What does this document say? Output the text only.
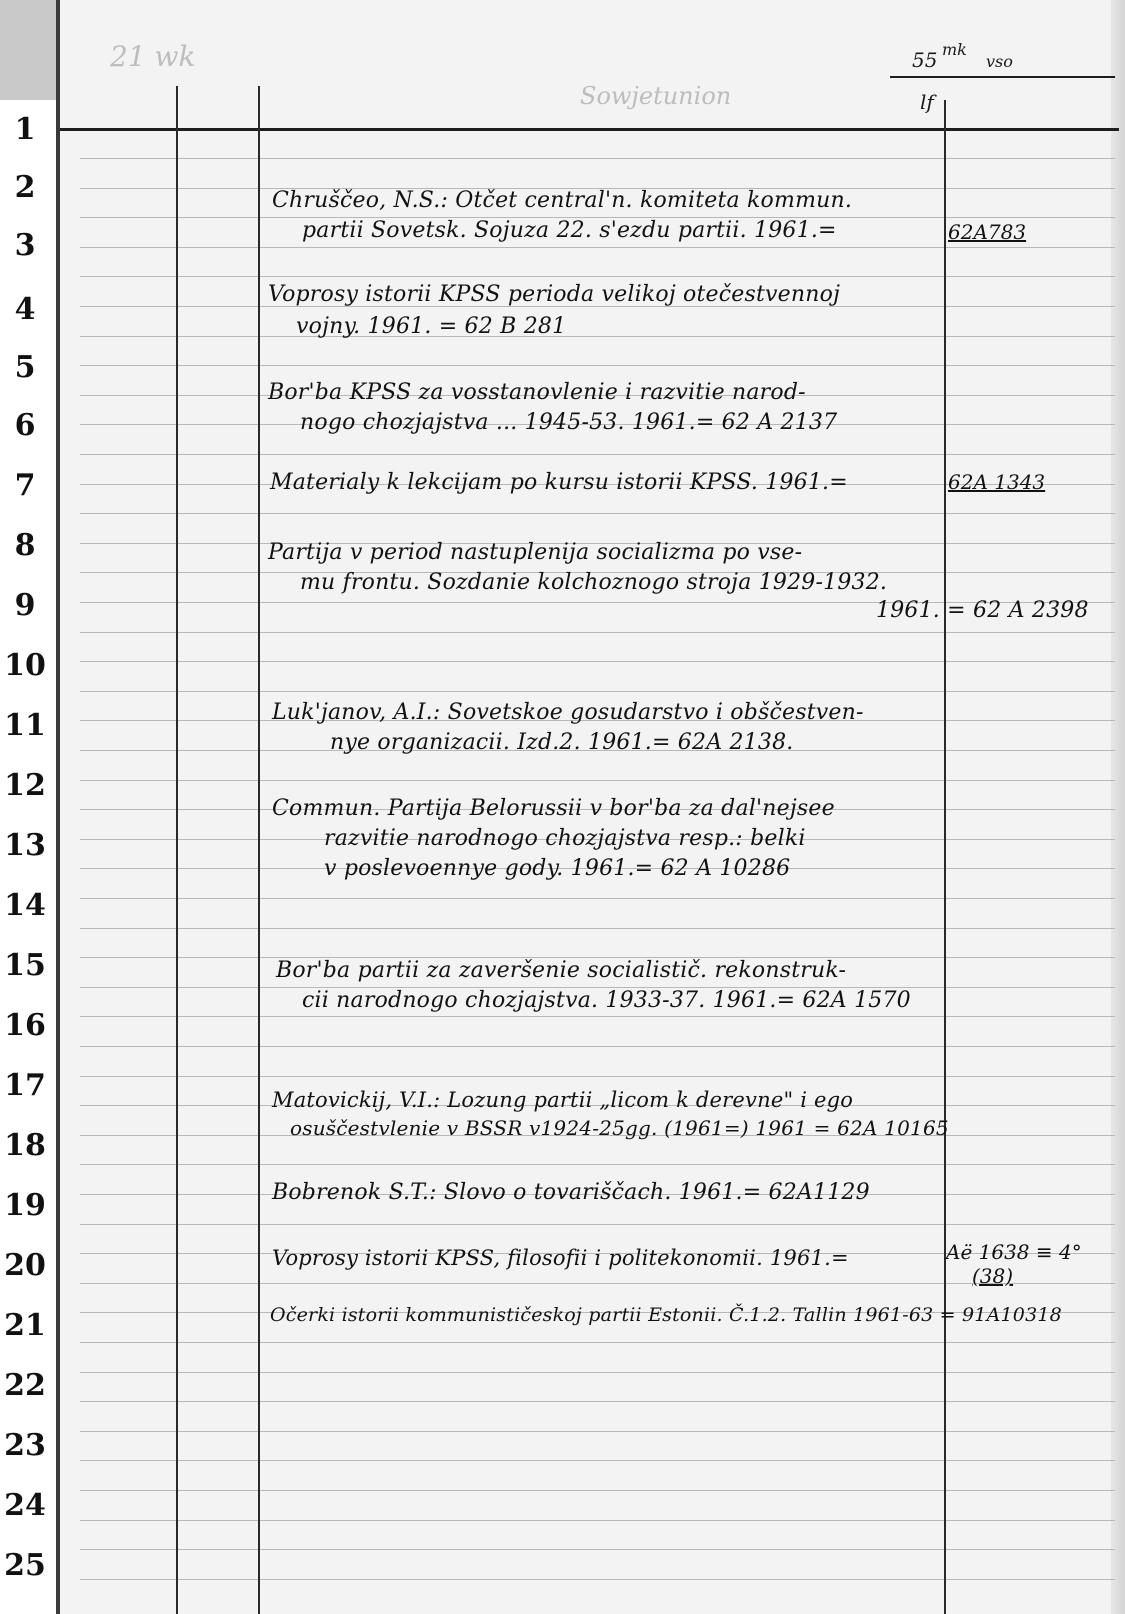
1
2
3
4
5
6
7
8
9
10
11
12
13
14
15
16
17
18
19
20
21
22
23
24
25
21 wk
Sowjetunion
55 mk
vso
lf
Chruščeo, N.S.: Otčet central'n. komiteta kommun.
partii Sovetsk. Sojuza 22. s'ezdu partii. 1961.=	62A783
Voprosy istorii KPSS perioda velikoj otečestvennoj
vojny. 1961. = 62 B 281
Bor'ba KPSS za vosstanovlenie i razvitie narod-
nogo chozjajstva ... 1945-53. 1961.= 62 A 2137
Materialy k lekcijam po kursu istorii KPSS. 1961.=	62A 1343
Partija v period nastuplenija socializma po vse-
mu frontu. Sozdanie kolchoznogo stroja 1929-1932.
1961. = 62 A 2398
Luk'janov, A.I.: Sovetskoe gosudarstvo i obščestven-
nye organizacii. Izd.2. 1961.= 62A 2138.
Commun. Partija Belorussii v bor'ba za dal'nejsee
razvitie narodnogo chozjajstva resp.: belki
v poslevoennye gody. 1961.= 62 A 10286
Bor'ba partii za zaveršenie socialistič. rekonstruk-
cii narodnogo chozjajstva. 1933-37. 1961.= 62A 1570
Matovickij, V.I.: Lozung partii „licom k derevne" i ego
osuščestvlenie v BSSR v1924-25gg. (1961=) 1961 = 62A 10165
Bobrenok S.T.: Slovo o tovariščach. 1961.= 62A1129
Voprosy istorii KPSS, filosofii i politekonomii. 1961.=	Aë 1638 ≡ 4°
(38)
Očerki istorii kommunističeskoj partii Estonii. Č.1.2. Tallin 1961-63 = 91A10318
